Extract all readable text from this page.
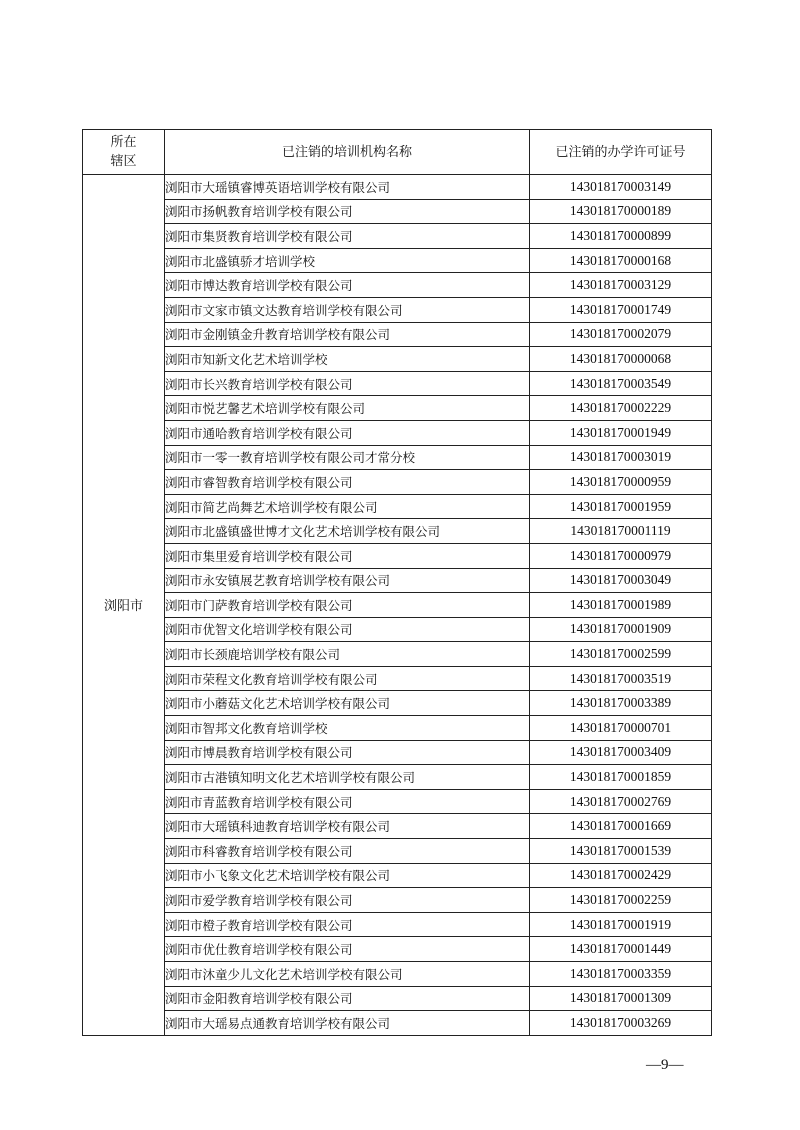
所在
辖区	已注销的培训机构名称	已注销的办学许可证号
浏阳市	浏阳市大瑶镇睿博英语培训学校有限公司	143018170003149
	浏阳市扬帆教育培训学校有限公司	143018170000189
	浏阳市集贤教育培训学校有限公司	143018170000899
	浏阳市北盛镇骄才培训学校	143018170000168
	浏阳市博达教育培训学校有限公司	143018170003129
	浏阳市文家市镇文达教育培训学校有限公司	143018170001749
	浏阳市金刚镇金升教育培训学校有限公司	143018170002079
	浏阳市知新文化艺术培训学校	143018170000068
	浏阳市长兴教育培训学校有限公司	143018170003549
	浏阳市悦艺馨艺术培训学校有限公司	143018170002229
	浏阳市通哈教育培训学校有限公司	143018170001949
	浏阳市一零一教育培训学校有限公司才常分校	143018170003019
	浏阳市睿智教育培训学校有限公司	143018170000959
	浏阳市简艺尚舞艺术培训学校有限公司	143018170001959
	浏阳市北盛镇盛世博才文化艺术培训学校有限公司	143018170001119
	浏阳市集里爱育培训学校有限公司	143018170000979
	浏阳市永安镇展艺教育培训学校有限公司	143018170003049
	浏阳市门萨教育培训学校有限公司	143018170001989
	浏阳市优智文化培训学校有限公司	143018170001909
	浏阳市长颈鹿培训学校有限公司	143018170002599
	浏阳市荣程文化教育培训学校有限公司	143018170003519
	浏阳市小蘑菇文化艺术培训学校有限公司	143018170003389
	浏阳市智邦文化教育培训学校	143018170000701
	浏阳市博晨教育培训学校有限公司	143018170003409
	浏阳市古港镇知明文化艺术培训学校有限公司	143018170001859
	浏阳市青蓝教育培训学校有限公司	143018170002769
	浏阳市大瑶镇科迪教育培训学校有限公司	143018170001669
	浏阳市科睿教育培训学校有限公司	143018170001539
	浏阳市小飞象文化艺术培训学校有限公司	143018170002429
	浏阳市爱学教育培训学校有限公司	143018170002259
	浏阳市橙子教育培训学校有限公司	143018170001919
	浏阳市优仕教育培训学校有限公司	143018170001449
	浏阳市沐童少儿文化艺术培训学校有限公司	143018170003359
	浏阳市金阳教育培训学校有限公司	143018170001309
	浏阳市大瑶易点通教育培训学校有限公司	143018170003269
—9—
